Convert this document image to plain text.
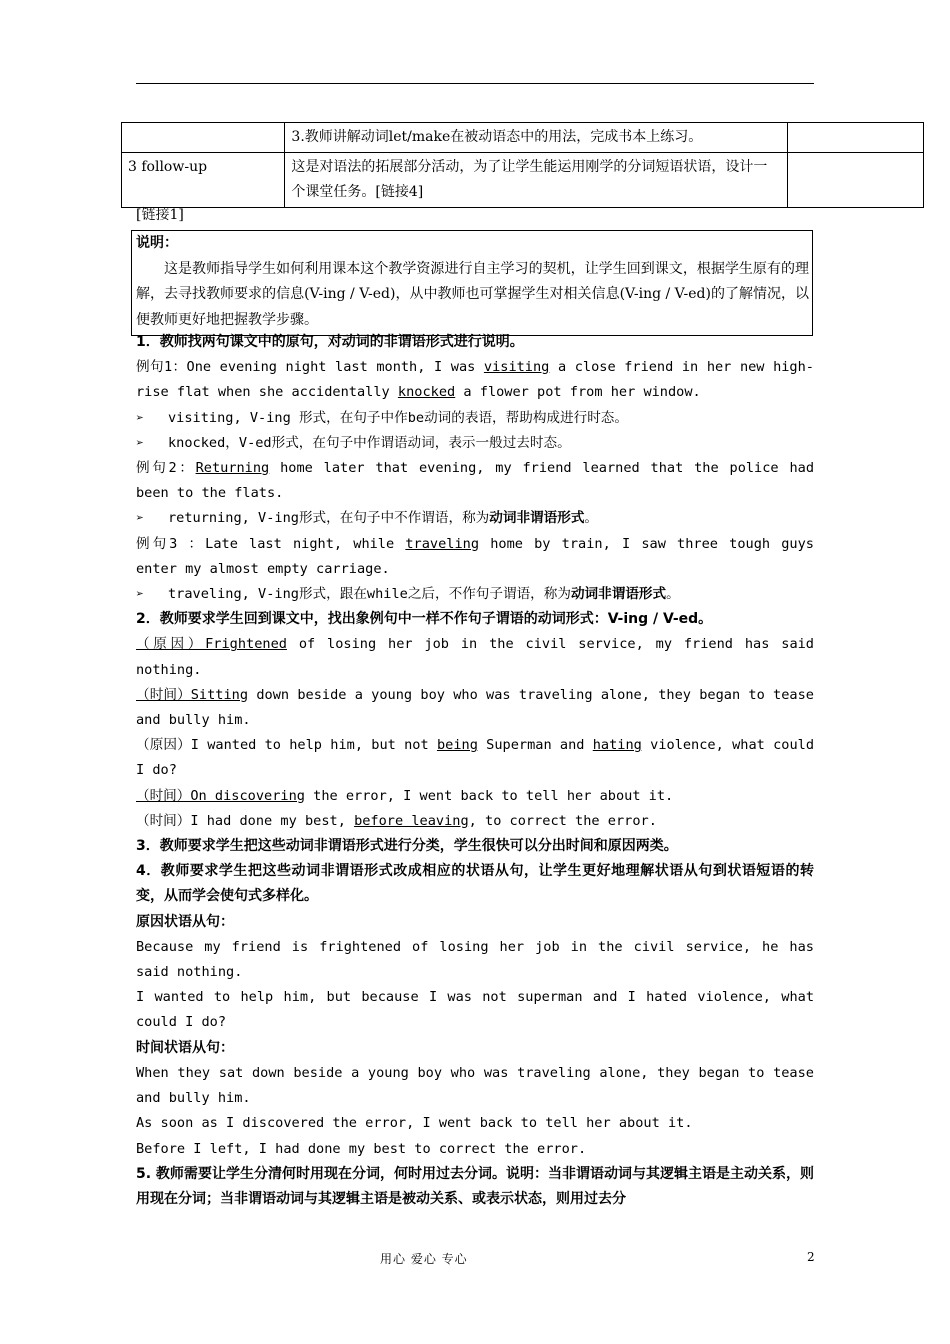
	3.教师讲解动词let/make在被动语态中的用法，完成书本上练习。	
3 follow-up	这是对语法的拓展部分活动，为了让学生能运用刚学的分词短语状语，设计一个课堂任务。[链接4]	
[链接1]
说明：

这是教师指导学生如何利用课本这个教学资源进行自主学习的契机，让学生回到课文，根据学生原有的理解，去寻找教师要求的信息(V-ing / V-ed)，从中教师也可掌握学生对相关信息(V-ing / V-ed)的了解情况，以便教师更好地把握教学步骤。

1．教师找两句课文中的原句，对动词的非谓语形式进行说明。

例句1：One evening night last month, I was visiting a close friend in her new high-rise flat when she accidentally knocked a flower pot from her window.

➢ visiting, V-ing 形式，在句子中作be动词的表语，帮助构成进行时态。

➢ knocked，V-ed形式，在句子中作谓语动词，表示一般过去时态。

例句2：Returning home later that evening, my friend learned that the police had been to the flats.

➢ returning, V-ing形式，在句子中不作谓语，称为动词非谓语形式。

例句3 ：Late last night, while traveling home by train, I saw three tough guys enter my almost empty carriage.

➢ traveling, V-ing形式，跟在while之后，不作句子谓语，称为动词非谓语形式。

2．教师要求学生回到课文中，找出象例句中一样不作句子谓语的动词形式：V-ing / V-ed。

（原因）Frightened of losing her job in the civil service, my friend has said nothing.

（时间）Sitting down beside a young boy who was traveling alone, they began to tease and bully him.

（原因）I wanted to help him, but not being Superman and hating violence, what could I do?

（时间）On discovering the error, I went back to tell her about it.

（时间）I had done my best, before leaving, to correct the error.

3．教师要求学生把这些动词非谓语形式进行分类，学生很快可以分出时间和原因两类。

4．教师要求学生把这些动词非谓语形式改成相应的状语从句，让学生更好地理解状语从句到状语短语的转变，从而学会使句式多样化。

原因状语从句：

Because my friend is frightened of losing her job in the civil service, he has said nothing.

I wanted to help him, but because I was not superman and I hated violence, what could I do?

时间状语从句：

When they sat down beside a young boy who was traveling alone, they began to tease and bully him.

As soon as I discovered the error, I went back to tell her about it.

Before I left, I had done my best to correct the error.

5. 教师需要让学生分清何时用现在分词，何时用过去分词。说明：当非谓语动词与其逻辑主语是主动关系，则用现在分词；当非谓语动词与其逻辑主语是被动关系、或表示状态，则用过去分

用心 爱心 专心	2
